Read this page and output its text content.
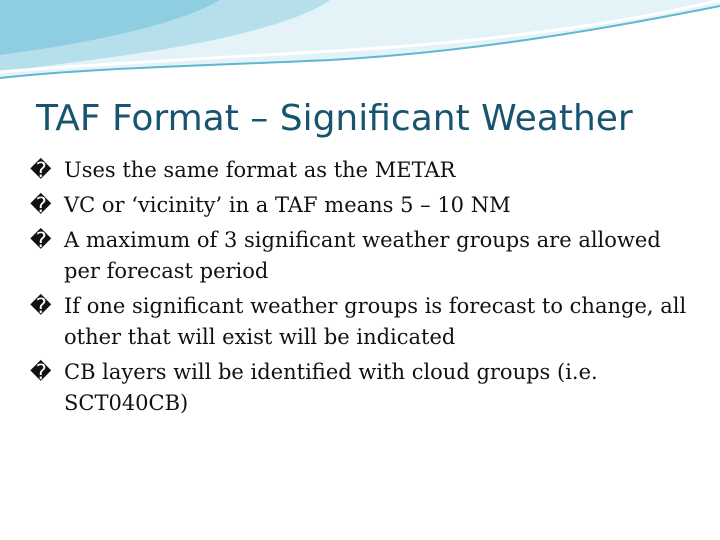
TAF Format – Significant Weather
� Uses the same format as the METAR
� VC or ‘vicinity’ in a TAF means 5 – 10 NM
� A maximum of 3 significant weather groups are allowed per forecast period
� If one significant weather groups is forecast to change, all other that will exist will be indicated
� CB layers will be identified with cloud groups (i.e. SCT040CB)
